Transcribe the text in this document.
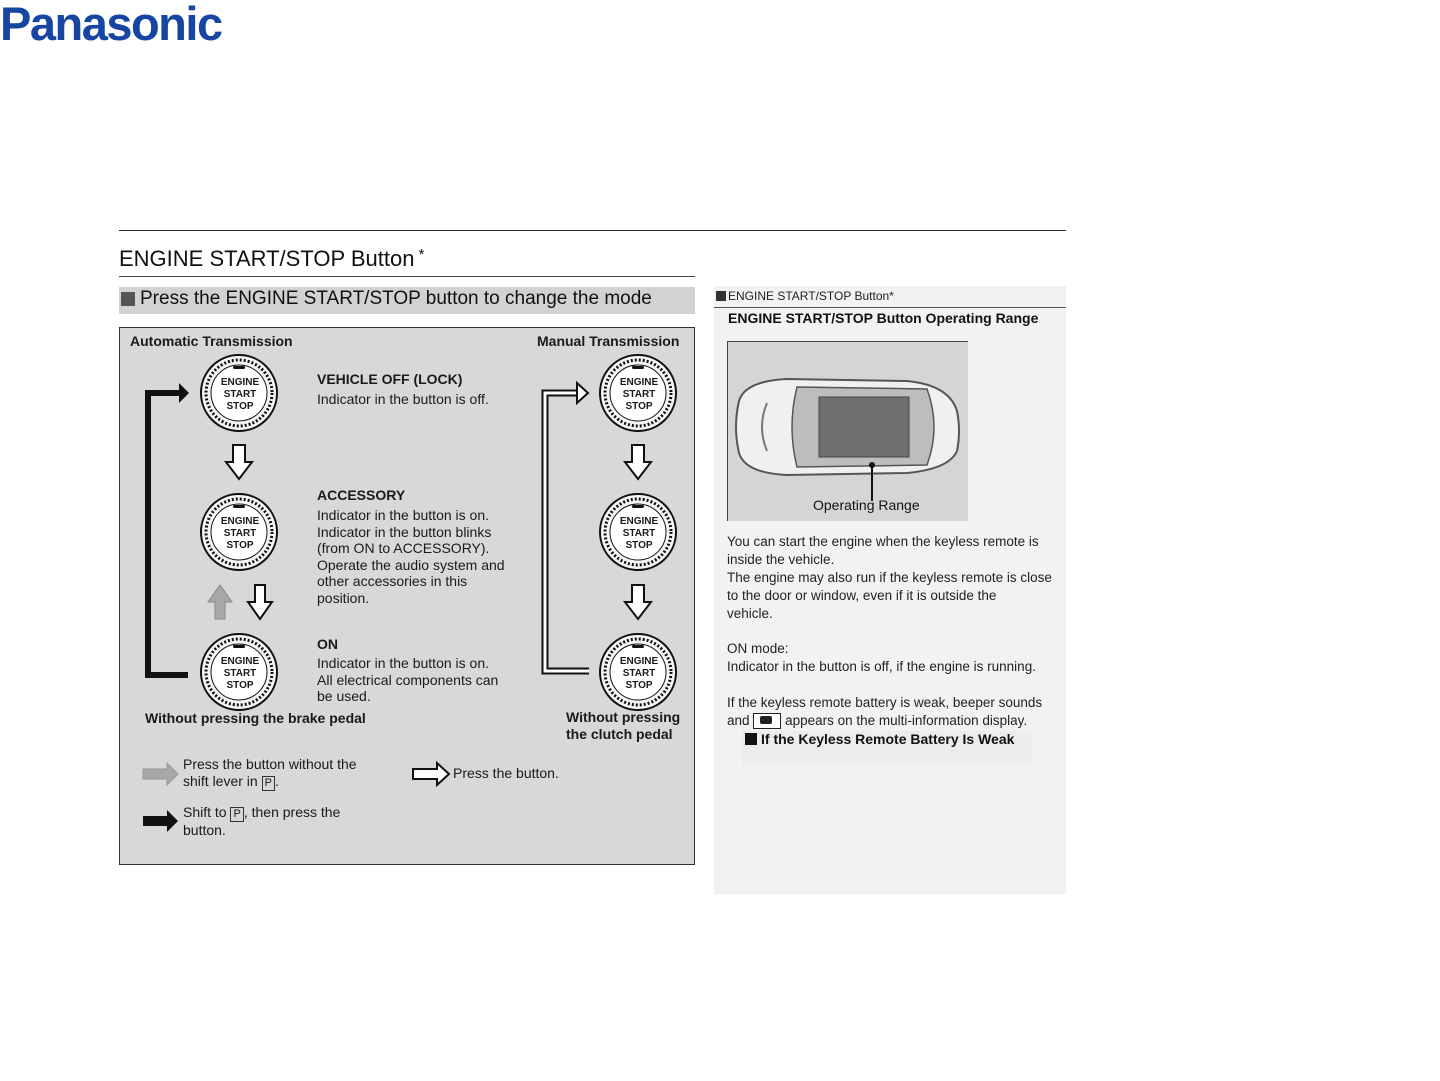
Panasonic
ENGINE START/STOP Button *
Press the ENGINE START/STOP button to change the mode
Automatic Transmission	Manual Transmission
ENGINE
START
STOP
ENGINE
START
STOP
ENGINE
START
STOP
ENGINE
START
STOP
ENGINE
START
STOP
ENGINE
START
STOP
VEHICLE OFF (LOCK)
Indicator in the button is off.
ACCESSORY
Indicator in the button is on.
Indicator in the button blinks
(from ON to ACCESSORY).
Operate the audio system and
other accessories in this
position.
ON
Indicator in the button is on.
All electrical components can
be used.
Without pressing the brake pedal	Without pressing
the clutch pedal
Press the button without the
shift lever in P .
Shift to P , then press the
button.
Press the button.
ENGINE START/STOP Button*
ENGINE START/STOP Button Operating Range
Operating Range
You can start the engine when the keyless remote is
inside the vehicle.
The engine may also run if the keyless remote is close
to the door or window, even if it is outside the
vehicle.
ON mode:
Indicator in the button is off, if the engine is running.
If the keyless remote battery is weak, beeper sounds
and	appears on the multi-information display.
If the Keyless Remote Battery Is Weak
